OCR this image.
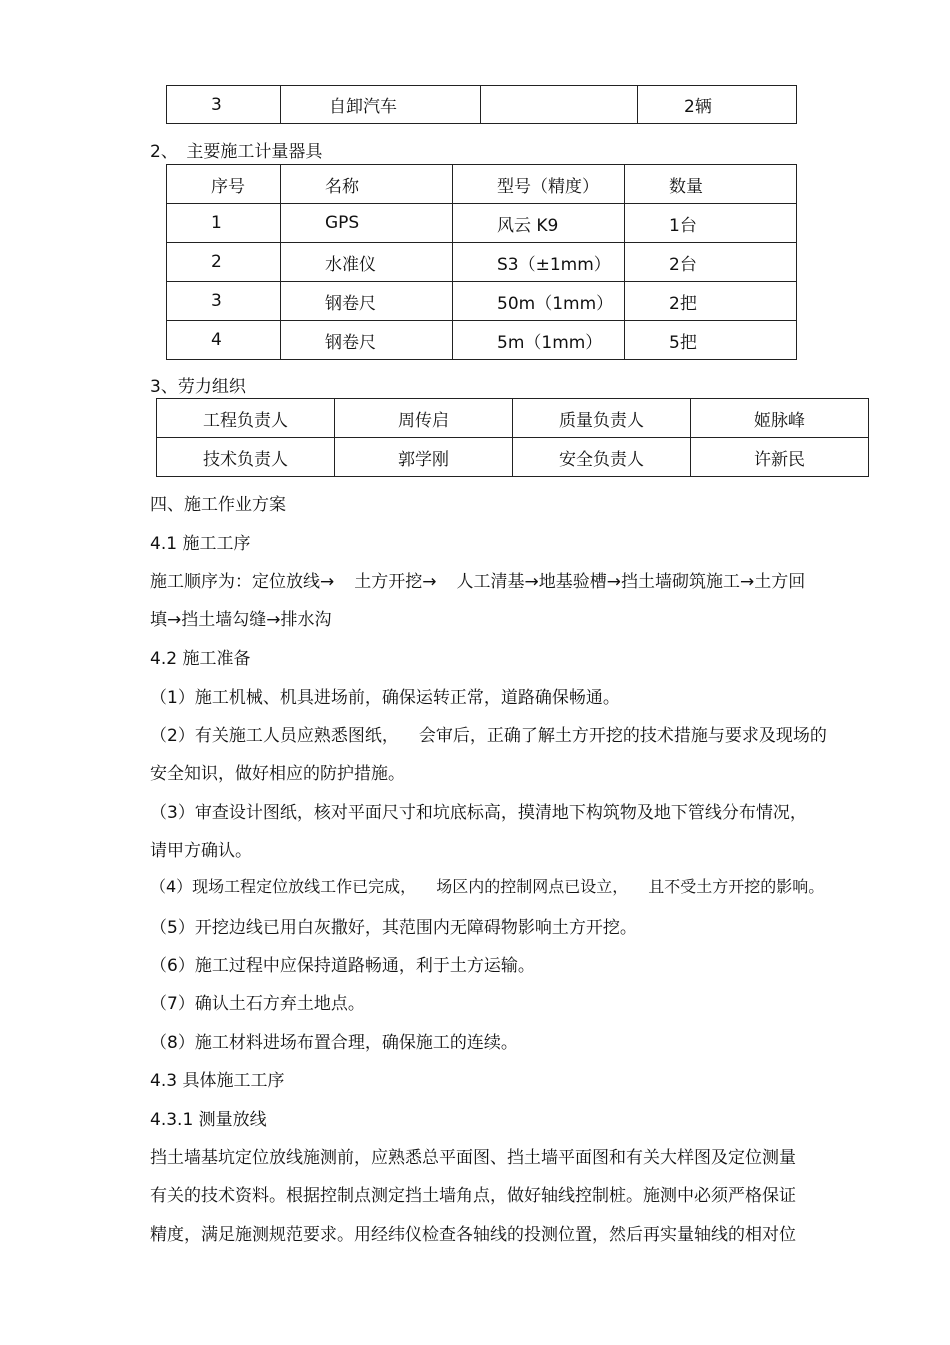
3	自卸汽车		2辆
2、　主要施工计量器具
序号	名称	型号（精度）	数量
1	GPS	风云 K9	1台
2	水准仪	S3（±1mm）	2台
3	钢卷尺	50m（1mm）	2把
4	钢卷尺	5m（1mm）	5把
3、劳力组织
工程负责人	周传启	质量负责人	姬脉峰
技术负责人	郭学刚	安全负责人	许新民
四、施工作业方案
4.1 施工工序
施工顺序为：定位放线→ 土方开挖→ 人工清基→地基验槽→挡土墙砌筑施工→土方回
填→挡土墙勾缝→排水沟
4.2 施工准备
（1）施工机械、机具进场前，确保运转正常，道路确保畅通。
（2）有关施工人员应熟悉图纸， 会审后，正确了解土方开挖的技术措施与要求及现场的
安全知识，做好相应的防护措施。
（3）审查设计图纸，核对平面尺寸和坑底标高，摸清地下构筑物及地下管线分布情况，
请甲方确认。
（4）现场工程定位放线工作已完成， 场区内的控制网点已设立， 且不受土方开挖的影响。
（5）开挖边线已用白灰撒好，其范围内无障碍物影响土方开挖。
（6）施工过程中应保持道路畅通，利于土方运输。
（7）确认土石方弃土地点。
（8）施工材料进场布置合理，确保施工的连续。
4.3 具体施工工序
4.3.1 测量放线
挡土墙基坑定位放线施测前，应熟悉总平面图、挡土墙平面图和有关大样图及定位测量
有关的技术资料。根据控制点测定挡土墙角点，做好轴线控制桩。施测中必须严格保证
精度，满足施测规范要求。用经纬仪检查各轴线的投测位置，然后再实量轴线的相对位
